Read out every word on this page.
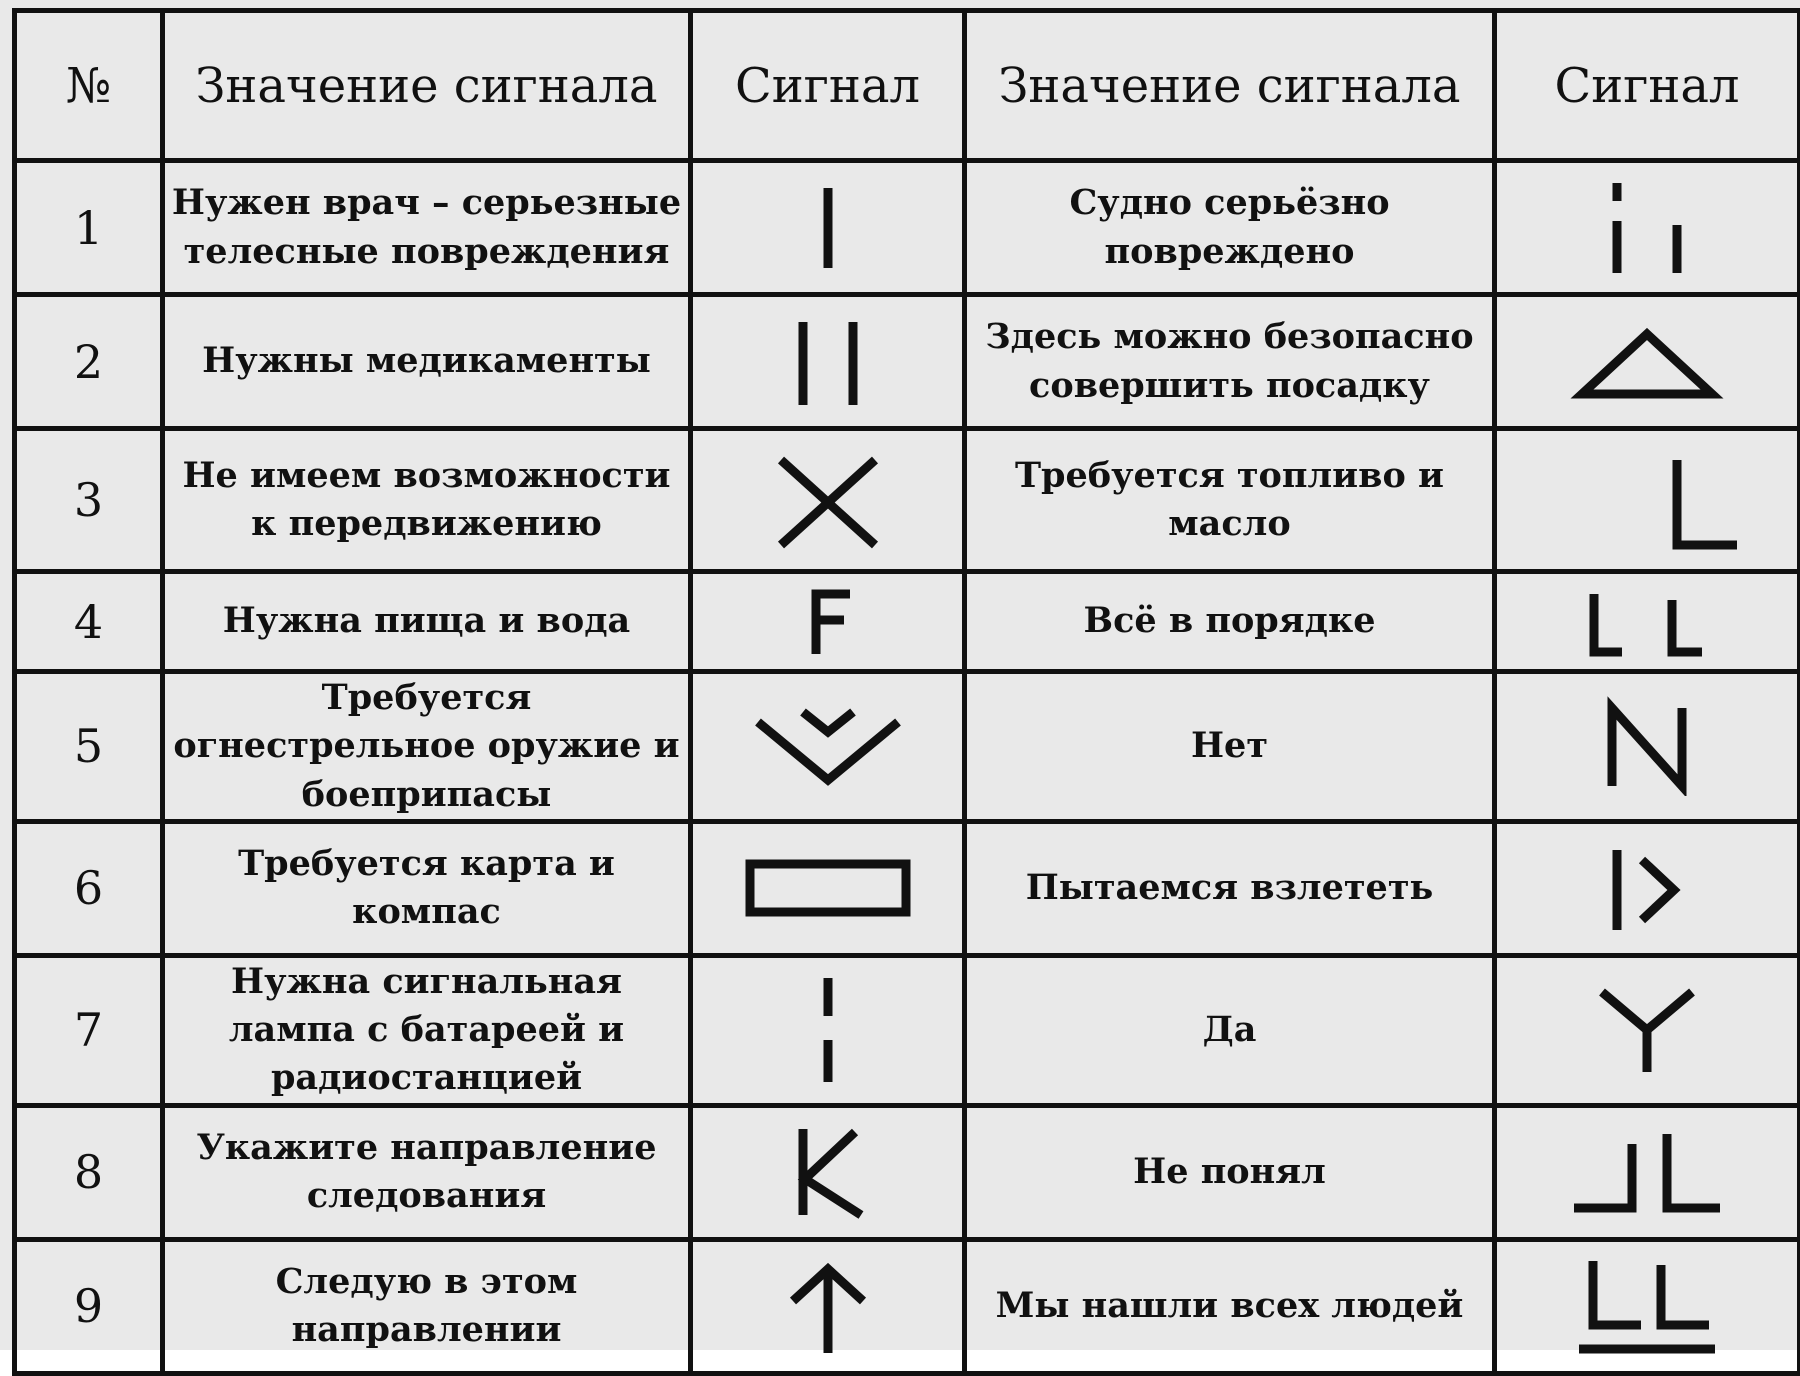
№	Значение сигнала	Сигнал	Значение сигнала	Сигнал
1	Нужен врач – серьезные телесные повреждения		Судно серьёзно повреждено	

2	Нужны медикаменты		Здесь можно безопасно совершить посадку	

3	Не имеем возможности к передвижению		Требуется топливо и масло	

4	Нужна пища и вода		Всё в порядке	

5	Требуется огнестрельное оружие и боеприпасы		Нет	

6	Требуется карта и компас		Пытаемся взлететь	

7	Нужна сигнальная лампа с батареей и радиостанцией		Да	

8	Укажите направление следования		Не понял	

9	Следую в этом направлении		Мы нашли всех людей	
